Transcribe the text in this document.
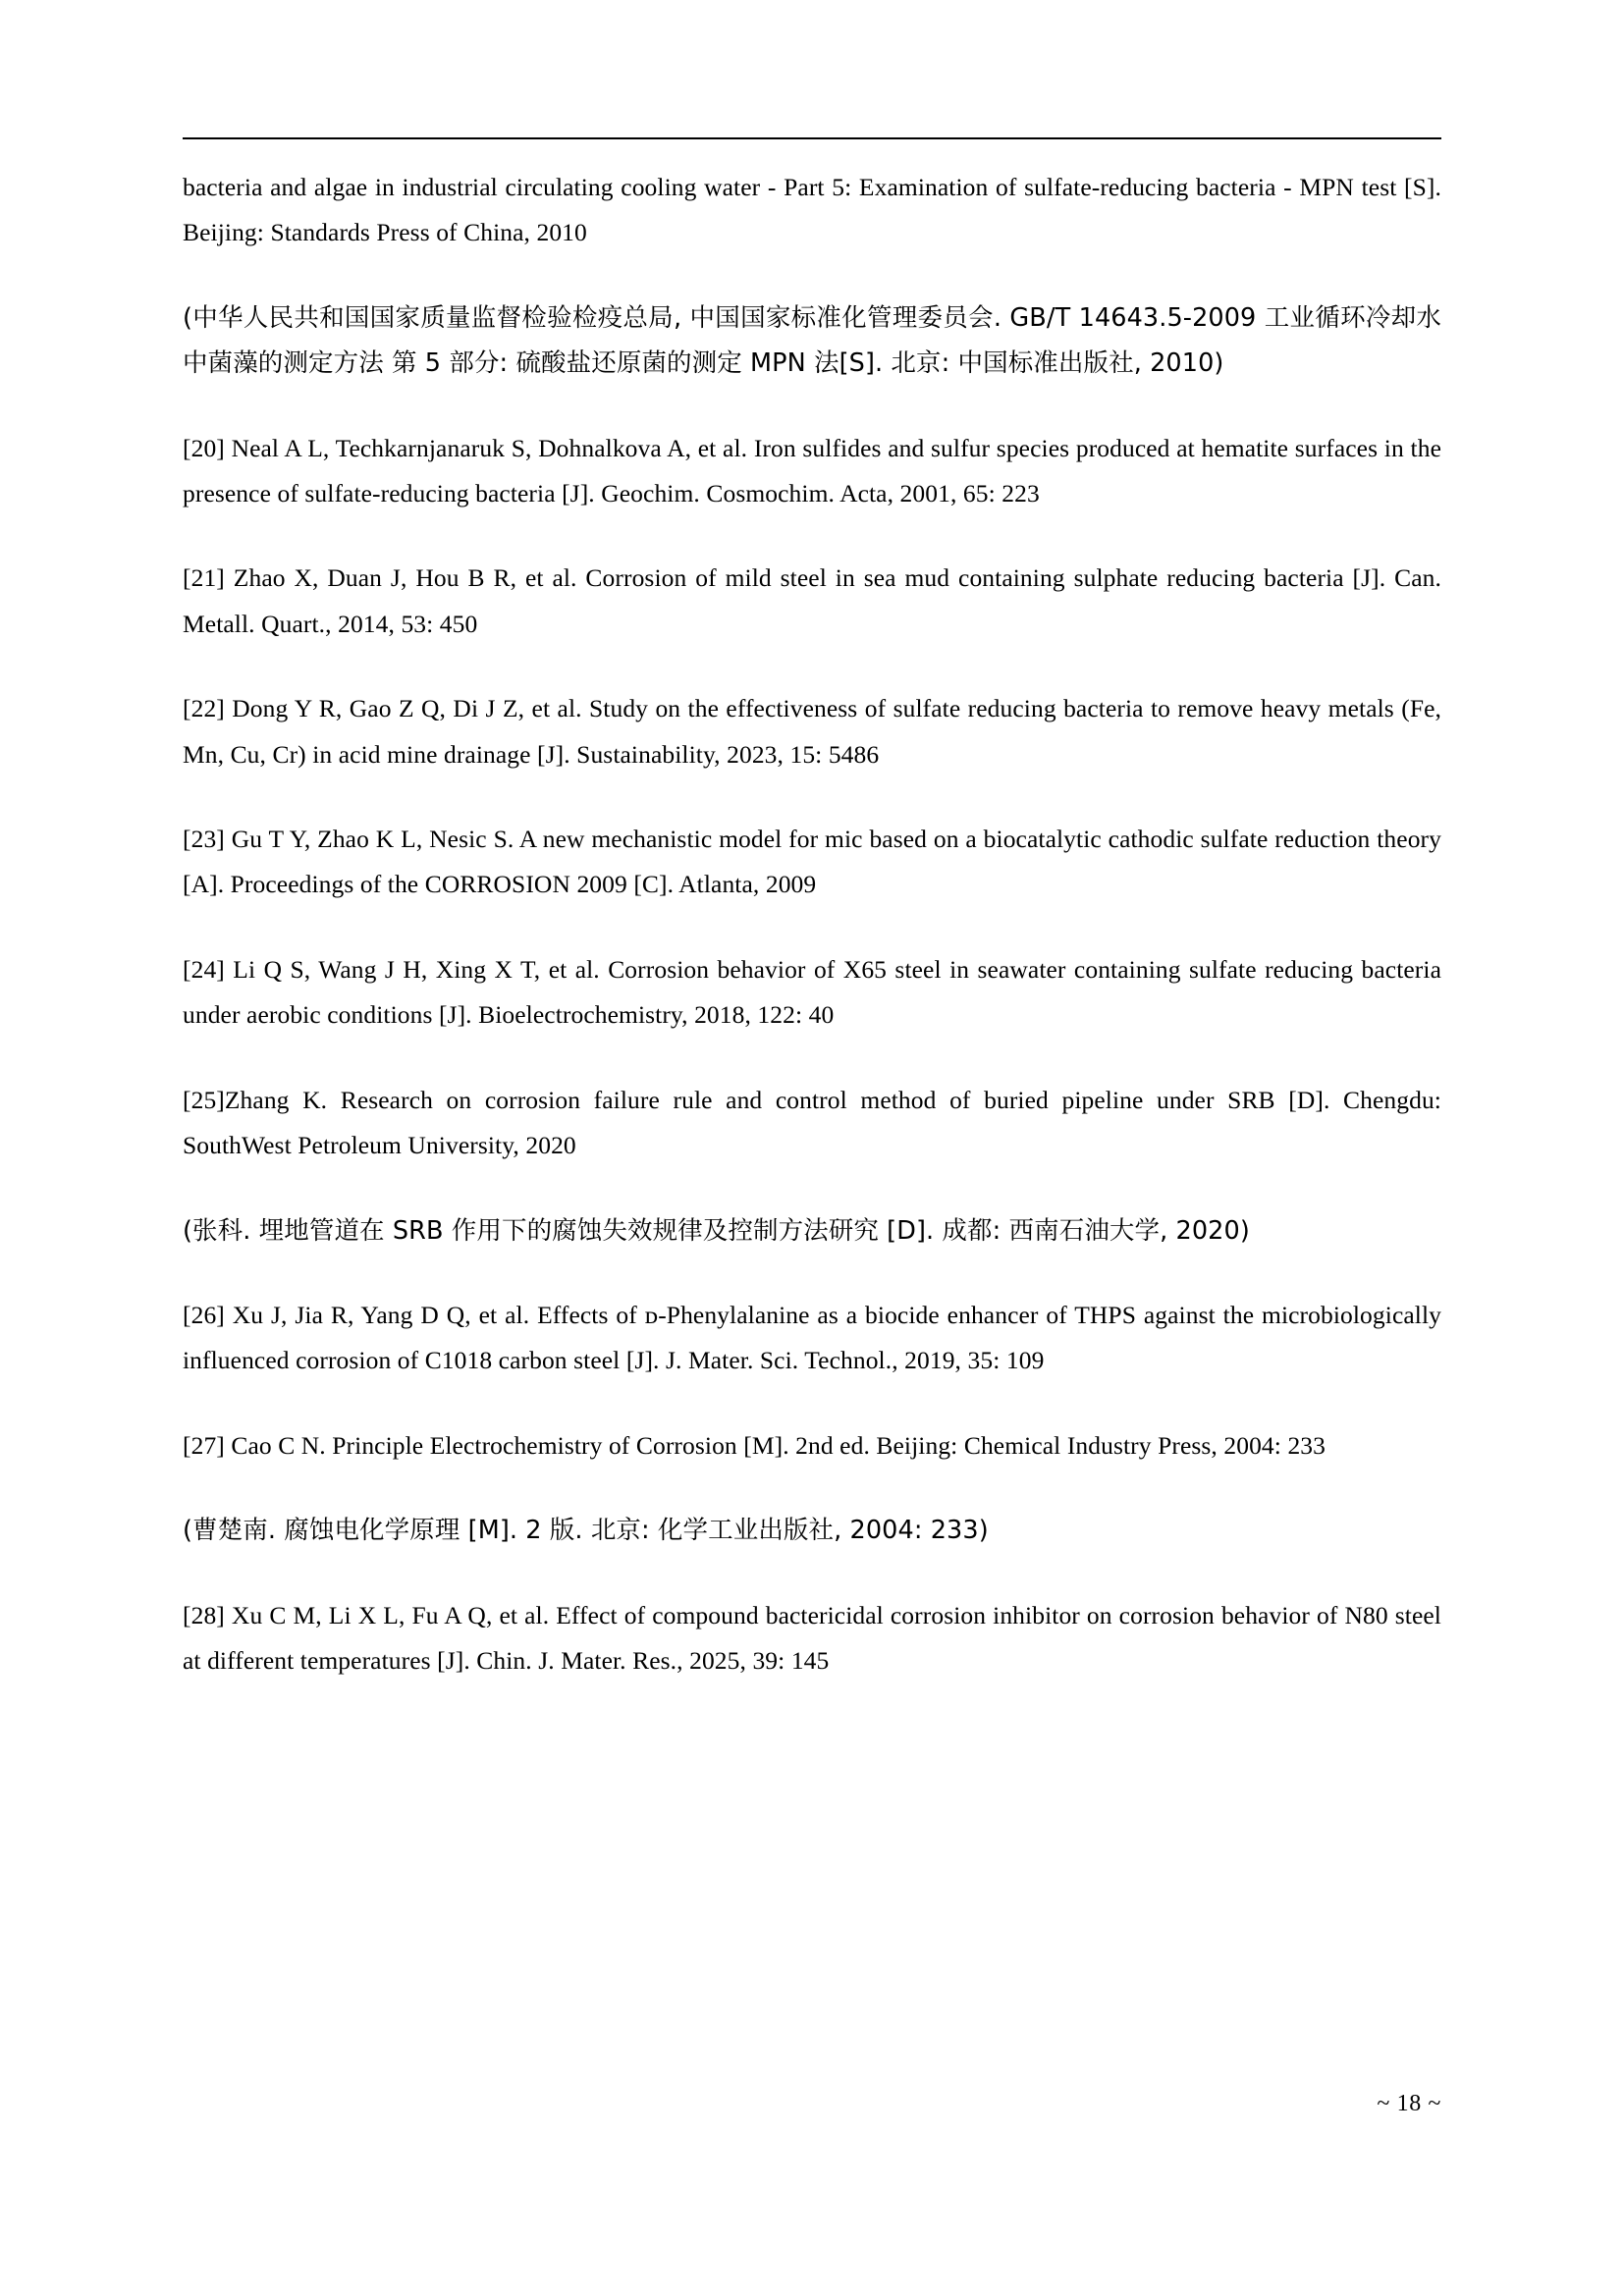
bacteria and algae in industrial circulating cooling water - Part 5: Examination of sulfate-reducing bacteria - MPN test [S]. Beijing: Standards Press of China, 2010

(中华人民共和国国家质量监督检验检疫总局, 中国国家标准化管理委员会. GB/T 14643.5-2009 工业循环冷却水中菌藻的测定方法 第 5 部分: 硫酸盐还原菌的测定 MPN 法[S]. 北京: 中国标准出版社, 2010)

[20] Neal A L, Techkarnjanaruk S, Dohnalkova A, et al. Iron sulfides and sulfur species produced at hematite surfaces in the presence of sulfate-reducing bacteria [J]. Geochim. Cosmochim. Acta, 2001, 65: 223

[21] Zhao X, Duan J, Hou B R, et al. Corrosion of mild steel in sea mud containing sulphate reducing bacteria [J]. Can. Metall. Quart., 2014, 53: 450

[22] Dong Y R, Gao Z Q, Di J Z, et al. Study on the effectiveness of sulfate reducing bacteria to remove heavy metals (Fe, Mn, Cu, Cr) in acid mine drainage [J]. Sustainability, 2023, 15: 5486

[23] Gu T Y, Zhao K L, Nesic S. A new mechanistic model for mic based on a biocatalytic cathodic sulfate reduction theory [A]. Proceedings of the CORROSION 2009 [C]. Atlanta, 2009

[24] Li Q S, Wang J H, Xing X T, et al. Corrosion behavior of X65 steel in seawater containing sulfate reducing bacteria under aerobic conditions [J]. Bioelectrochemistry, 2018, 122: 40

[25]Zhang K. Research on corrosion failure rule and control method of buried pipeline under SRB [D]. Chengdu: SouthWest Petroleum University, 2020

(张科. 埋地管道在 SRB 作用下的腐蚀失效规律及控制方法研究 [D]. 成都: 西南石油大学, 2020)

[26] Xu J, Jia R, Yang D Q, et al. Effects of ᴅ-Phenylalanine as a biocide enhancer of THPS against the microbiologically influenced corrosion of C1018 carbon steel [J]. J. Mater. Sci. Technol., 2019, 35: 109

[27] Cao C N. Principle Electrochemistry of Corrosion [M]. 2nd ed. Beijing: Chemical Industry Press, 2004: 233

(曹楚南. 腐蚀电化学原理 [M]. 2 版. 北京: 化学工业出版社, 2004: 233)

[28] Xu C M, Li X L, Fu A Q, et al. Effect of compound bactericidal corrosion inhibitor on corrosion behavior of N80 steel at different temperatures [J]. Chin. J. Mater. Res., 2025, 39: 145

~ 18 ~
